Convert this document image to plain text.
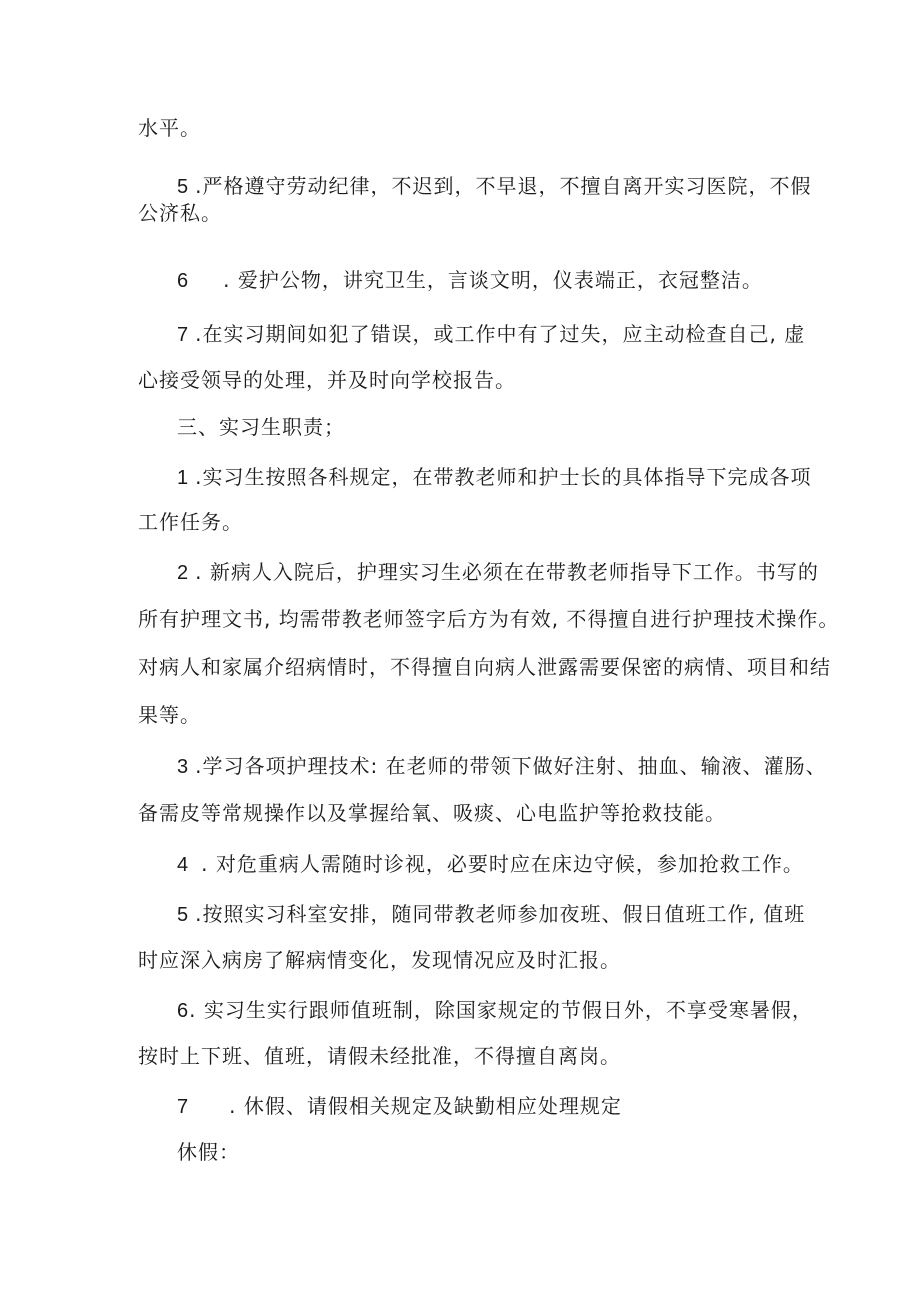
水平。
5 .严格遵守劳动纪律，不迟到，不早退，不擅自离开实习医院，不假
公济私。
6 . 爱护公物，讲究卫生，言谈文明，仪表端正，衣冠整洁。
7 .在实习期间如犯了错误，或工作中有了过失，应主动检查自己, 虚
心接受领导的处理，并及时向学校报告。
三、实习生职责；
1 .实习生按照各科规定，在带教老师和护士长的具体指导下完成各项
工作任务。
2 . 新病人入院后，护理实习生必须在在带教老师指导下工作。书写的
所有护理文书, 均需带教老师签字后方为有效, 不得擅自进行护理技术操作。
对病人和家属介绍病情时，不得擅自向病人泄露需要保密的病情、项目和结
果等。
3 .学习各项护理技术: 在老师的带领下做好注射、抽血、输液、灌肠、
备需皮等常规操作以及掌握给氧、吸痰、心电监护等抢救技能。
4 . 对危重病人需随时诊视，必要时应在床边守候，参加抢救工作。
5 .按照实习科室安排，随同带教老师参加夜班、假日值班工作, 值班
时应深入病房了解病情变化，发现情况应及时汇报。
6. 实习生实行跟师值班制，除国家规定的节假日外，不享受寒暑假，
按时上下班、值班，请假未经批准，不得擅自离岗。
7 . 休假、请假相关规定及缺勤相应处理规定
休假：
